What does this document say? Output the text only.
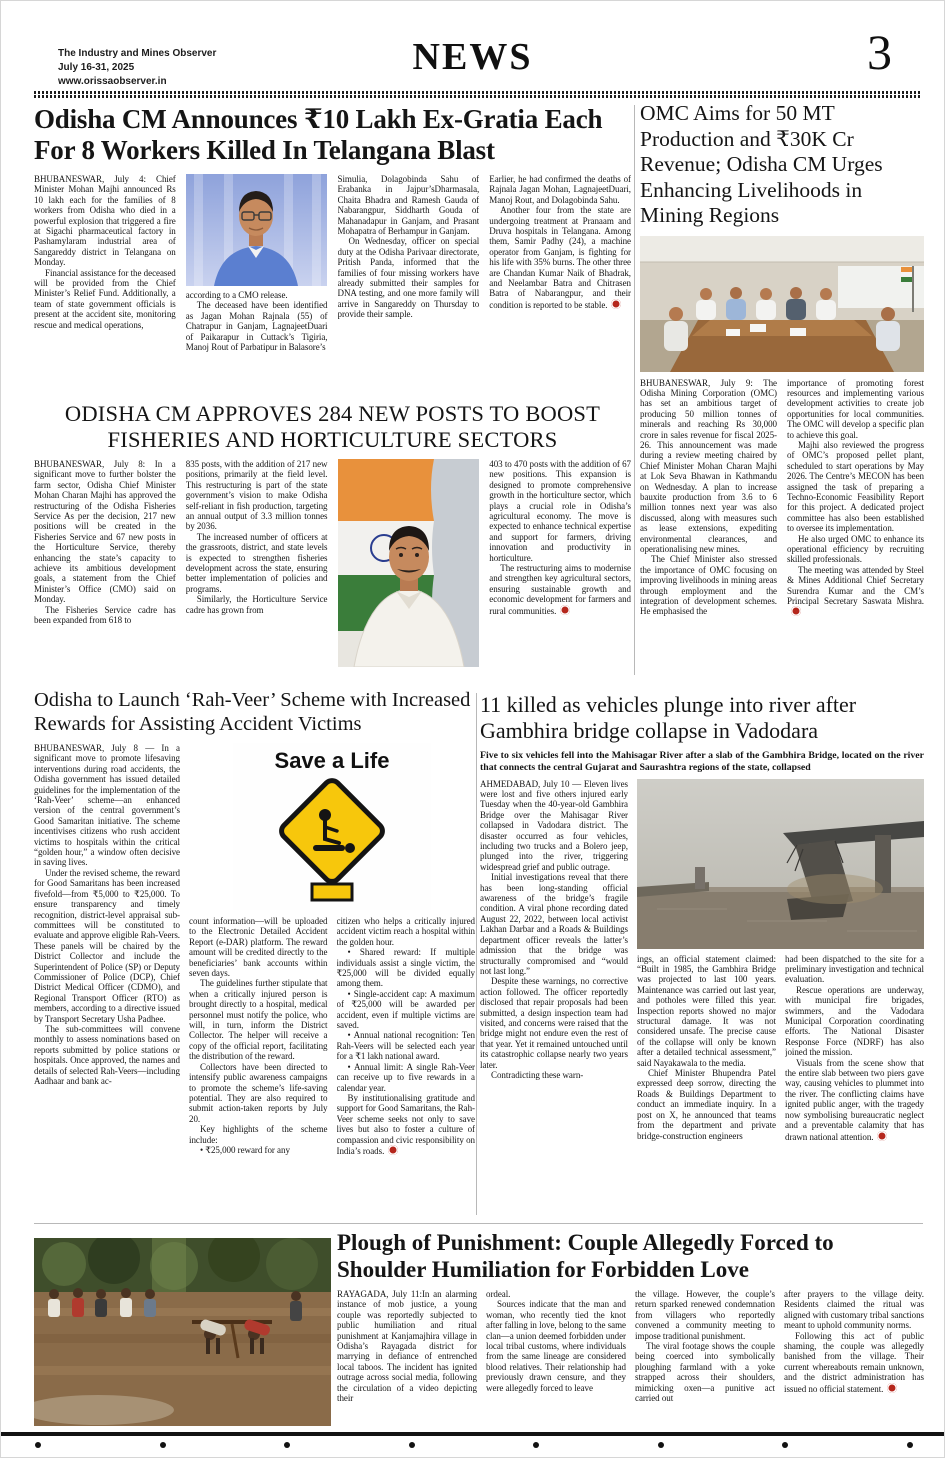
The Industry and Mines Observer
July 16-31, 2025
www.orissaobserver.in
NEWS	3
Odisha CM Announces ₹10 Lakh Ex-Gratia Each For 8 Workers Killed In Telangana Blast

BHUBANESWAR, July 4: Chief Minister Mohan Majhi announced Rs 10 lakh each for the families of 8 workers from Odisha who died in a powerful explosion that triggered a fire at Sigachi pharmaceutical factory in Pashamylaram industrial area of Sangareddy district in Telangana on Monday.

Financial assistance for the deceased will be provided from the Chief Minister’s Relief Fund. Additionally, a team of state government officials is present at the accident site, monitoring rescue and medical operations,

according to a CMO release.

The deceased have been identified as Jagan Mohan Rajnala (55) of Chatrapur in Ganjam, LagnajeetDuari of Paikarapur in Cuttack’s Tigiria, Manoj Rout of Parbatipur in Balasore’s

Simulia, Dolagobinda Sahu of Erabanka in Jajpur’sDharmasala, Chaita Bhadra and Ramesh Gauda of Nabarangpur, Siddharth Gouda of Mahanadapur in Ganjam, and Prasant Mohapatra of Berhampur in Ganjam.

On Wednesday, officer on special duty at the Odisha Parivaar directorate, Pritish Panda, informed that the families of four missing workers have already submitted their samples for DNA testing, and one more family will arrive in Sangareddy on Thursday to provide their sample.

Earlier, he had confirmed the deaths of Rajnala Jagan Mohan, LagnajeetDuari, Manoj Rout, and Dolagobinda Sahu.

Another four from the state are undergoing treatment at Pranaam and Druva hospitals in Telangana. Among them, Samir Padhy (24), a machine operator from Ganjam, is fighting for his life with 35% burns. The other three are Chandan Kumar Naik of Bhadrak, and Neelambar Batra and Chitrasen Batra of Nabarangpur, and their condition is reported to be stable.

OMC Aims for 50 MT Production and ₹30K Cr Revenue; Odisha CM Urges Enhancing Livelihoods in Mining Regions

BHUBANESWAR, July 9: The Odisha Mining Corporation (OMC) has set an ambitious target of producing 50 million tonnes of minerals and reaching Rs 30,000 crore in sales revenue for fiscal 2025-26. This announcement was made during a review meeting chaired by Chief Minister Mohan Charan Majhi at Lok Seva Bhawan in Kathmandu on Wednesday. A plan to increase bauxite production from 3.6 to 6 million tonnes next year was also discussed, along with measures such as lease extensions, expediting environmental clearances, and operationalising new mines.

The Chief Minister also stressed the importance of OMC focusing on improving livelihoods in mining areas through employment and the integration of development schemes. He emphasised the

importance of promoting forest resources and implementing various development activities to create job opportunities for local communities. The OMC will develop a specific plan to achieve this goal.

Majhi also reviewed the progress of OMC’s proposed pellet plant, scheduled to start operations by May 2026. The Centre’s MECON has been assigned the task of preparing a Techno-Economic Feasibility Report for this project. A dedicated project committee has also been established to oversee its implementation.

He also urged OMC to enhance its operational efficiency by recruiting skilled professionals.

The meeting was attended by Steel & Mines Additional Chief Secretary Surendra Kumar and the CM’s Principal Secretary Saswata Mishra.

ODISHA CM APPROVES 284 NEW POSTS TO BOOST FISHERIES AND HORTICULTURE SECTORS

BHUBANESWAR, July 8: In a significant move to further bolster the farm sector, Odisha Chief Minister Mohan Charan Majhi has approved the restructuring of the Odisha Fisheries Service As per the decision, 217 new positions will be created in the Fisheries Service and 67 new posts in the Horticulture Service, thereby enhancing the state’s capacity to achieve its ambitious development goals, a statement from the Chief Minister’s Office (CMO) said on Monday.

The Fisheries Service cadre has been expanded from 618 to

835 posts, with the addition of 217 new positions, primarily at the field level. This restructuring is part of the state government’s vision to make Odisha self-reliant in fish production, targeting an annual output of 3.3 million tonnes by 2036.

The increased number of officers at the grassroots, district, and state levels is expected to strengthen fisheries development across the state, ensuring better implementation of policies and programs.

Similarly, the Horticulture Service cadre has grown from

403 to 470 posts with the addition of 67 new positions. This expansion is designed to promote comprehensive growth in the horticulture sector, which plays a crucial role in Odisha’s agricultural economy. The move is expected to enhance technical expertise and support for farmers, driving innovation and productivity in horticulture.

The restructuring aims to modernise and strengthen key agricultural sectors, ensuring sustainable growth and economic development for farmers and rural communities.

Odisha to Launch ‘Rah-Veer’ Scheme with Increased Rewards for Assisting Accident Victims

BHUBANESWAR, July 8 — In a significant move to promote lifesaving interventions during road accidents, the Odisha government has issued detailed guidelines for the implementation of the ‘Rah-Veer’ scheme—an enhanced version of the central government’s Good Samaritan initiative. The scheme incentivises citizens who rush accident victims to hospitals within the critical “golden hour,” a window often decisive in saving lives.

Under the revised scheme, the reward for Good Samaritans has been increased fivefold—from ₹5,000 to ₹25,000. To ensure transparency and timely recognition, district-level appraisal sub-committees will be constituted to evaluate and approve eligible Rah-Veers. These panels will be chaired by the District Collector and include the Superintendent of Police (SP) or Deputy Commissioner of Police (DCP), Chief District Medical Officer (CDMO), and Regional Transport Officer (RTO) as members, according to a directive issued by Transport Secretary Usha Padhee.

The sub-committees will convene monthly to assess nominations based on reports submitted by police stations or hospitals. Once approved, the names and details of selected Rah-Veers—including Aadhaar and bank ac-

Save a Life

count information—will be uploaded to the Electronic Detailed Accident Report (e-DAR) platform. The reward amount will be credited directly to the beneficiaries’ bank accounts within seven days.

The guidelines further stipulate that when a critically injured person is brought directly to a hospital, medical personnel must notify the police, who will, in turn, inform the District Collector. The helper will receive a copy of the official report, facilitating the distribution of the reward.

Collectors have been directed to intensify public awareness campaigns to promote the scheme’s life-saving potential. They are also required to submit action-taken reports by July 20.

Key highlights of the scheme include:

• ₹25,000 reward for any

citizen who helps a critically injured accident victim reach a hospital within the golden hour.

• Shared reward: If multiple individuals assist a single victim, the ₹25,000 will be divided equally among them.

• Single-accident cap: A maximum of ₹25,000 will be awarded per accident, even if multiple victims are saved.

• Annual national recognition: Ten Rah-Veers will be selected each year for a ₹1 lakh national award.

• Annual limit: A single Rah-Veer can receive up to five rewards in a calendar year.

By institutionalising gratitude and support for Good Samaritans, the Rah-Veer scheme seeks not only to save lives but also to foster a culture of compassion and civic responsibility on India’s roads.

11 killed as vehicles plunge into river after Gambhira bridge collapse in Vadodara

Five to six vehicles fell into the Mahisagar River after a slab of the Gambhira Bridge, located on the river that connects the central Gujarat and Saurashtra regions of the state, collapsed

AHMEDABAD, July 10 — Eleven lives were lost and five others injured early Tuesday when the 40-year-old Gambhira Bridge over the Mahisagar River collapsed in Vadodara district. The disaster occurred as four vehicles, including two trucks and a Bolero jeep, plunged into the river, triggering widespread grief and public outrage.

Initial investigations reveal that there has been long-standing official awareness of the bridge’s fragile condition. A viral phone recording dated August 22, 2022, between local activist Lakhan Darbar and a Roads & Buildings department officer reveals the latter’s admission that the bridge was structurally compromised and “would not last long.”

Despite these warnings, no corrective action followed. The officer reportedly disclosed that repair proposals had been submitted, a design inspection team had visited, and concerns were raised that the bridge might not endure even the rest of that year. Yet it remained untouched until its catastrophic collapse nearly two years later.

Contradicting these warn-

ings, an official statement claimed: “Built in 1985, the Gambhira Bridge was projected to last 100 years. Maintenance was carried out last year, and potholes were filled this year. Inspection reports showed no major structural damage. It was not considered unsafe. The precise cause of the collapse will only be known after a detailed technical assessment,” said Nayakawala to the media.

Chief Minister Bhupendra Patel expressed deep sorrow, directing the Roads & Buildings Department to conduct an immediate inquiry. In a post on X, he announced that teams from the department and private bridge-construction engineers

had been dispatched to the site for a preliminary investigation and technical evaluation.

Rescue operations are underway, with municipal fire brigades, swimmers, and the Vadodara Municipal Corporation coordinating efforts. The National Disaster Response Force (NDRF) has also joined the mission.

Visuals from the scene show that the entire slab between two piers gave way, causing vehicles to plummet into the river. The conflicting claims have ignited public anger, with the tragedy now symbolising bureaucratic neglect and a preventable calamity that has drawn national attention.

Plough of Punishment: Couple Allegedly Forced to Shoulder Humiliation for Forbidden Love

RAYAGADA, July 11:In an alarming instance of mob justice, a young couple was reportedly subjected to public humiliation and ritual punishment at Kanjamajhira village in Odisha’s Rayagada district for marrying in defiance of entrenched local taboos. The incident has ignited outrage across social media, following the circulation of a video depicting their

ordeal.

Sources indicate that the man and woman, who recently tied the knot after falling in love, belong to the same clan—a union deemed forbidden under local tribal customs, where individuals from the same lineage are considered blood relatives. Their relationship had previously drawn censure, and they were allegedly forced to leave

the village. However, the couple’s return sparked renewed condemnation from villagers who reportedly convened a community meeting to impose traditional punishment.

The viral footage shows the couple being coerced into symbolically ploughing farmland with a yoke strapped across their shoulders, mimicking oxen—a punitive act carried out

after prayers to the village deity. Residents claimed the ritual was aligned with customary tribal sanctions meant to uphold community norms.

Following this act of public shaming, the couple was allegedly banished from the village. Their current whereabouts remain unknown, and the district administration has issued no official statement.
